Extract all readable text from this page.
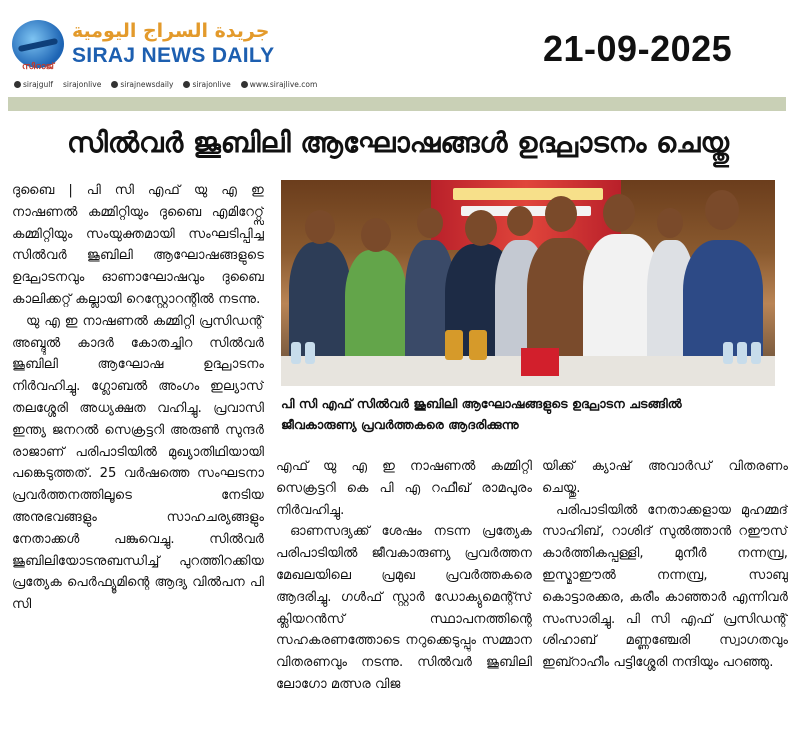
സിറാജ്
جريدة السراج اليومية
SIRAJ NEWS DAILY
sirajgulf sirajonlive	sirajnewsdaily	sirajonlive	www.sirajlive.com
21-09-2025
സിൽവർ ജൂബിലി ആഘോഷങ്ങൾ ഉദ്ഘാടനം ചെയ്തു

ദുബൈ | പി സി എഫ് യു എ ഇ നാഷണൽ കമ്മിറ്റിയും ദുബൈ എമിറേറ്റ്സ് കമ്മിറ്റിയും സംയുക്തമായി സംഘടിപ്പിച്ച സിൽവർ ജൂബിലി ആഘോഷങ്ങളുടെ ഉദ്ഘാടനവും ഓണാഘോഷവും ദുബൈ കാലിക്കറ്റ് കല്ലായി റെസ്റ്റോറന്റിൽ നടന്നു.

യു എ ഇ നാഷണൽ കമ്മിറ്റി പ്രസിഡന്റ് അബ്ദുൽ കാദർ കോതച്ചിറ സിൽവർ ജൂബിലി ആഘോഷ ഉദ്ഘാടനം നിർവഹിച്ചു. ഗ്ലോബൽ അംഗം ഇല്യാസ് തലശ്ശേരി അധ്യക്ഷത വഹിച്ചു. പ്രവാസി ഇന്ത്യ ജനറൽ സെക്രട്ടറി അരുൺ സുന്ദർ രാജാണ് പരിപാടിയിൽ മുഖ്യാതിഥിയായി പങ്കെടുത്തത്. 25 വർഷത്തെ സംഘടനാ പ്രവർത്തനത്തിലൂടെ നേടിയ അനുഭവങ്ങളും സാഹചര്യങ്ങളും നേതാക്കൾ പങ്കുവെച്ചു. സിൽവർ ജൂബിലിയോടനുബന്ധിച്ച് പുറത്തിറക്കിയ പ്രത്യേക പെർഫ്യൂമിന്റെ ആദ്യ വിൽപന പി സി

പി സി എഫ് സിൽവർ ജൂബിലി ആഘോഷങ്ങളുടെ ഉദ്ഘാടന ചടങ്ങിൽ
ജീവകാരുണ്യ പ്രവർത്തകരെ ആദരിക്കുന്നു

എഫ് യു എ ഇ നാഷണൽ കമ്മിറ്റി സെക്രട്ടറി കെ പി എ റഫീഖ് രാമപുരം നിർവഹിച്ചു.

ഓണസദ്യക്ക് ശേഷം നടന്ന പ്രത്യേക പരിപാടിയിൽ ജീവകാരുണ്യ പ്രവർത്തന മേഖലയിലെ പ്രമുഖ പ്രവർത്തകരെ ആദരിച്ചു. ഗൾഫ് സ്റ്റാർ ഡോക്യുമെന്റ്സ് ക്ലിയറൻസ് സ്ഥാപനത്തിന്റെ സഹകരണത്തോടെ നറുക്കെടുപ്പും സമ്മാന വിതരണവും നടന്നു. സിൽവർ ജൂബിലി ലോഗോ മത്സര വിജ

യിക്ക് ക്യാഷ് അവാർഡ് വിതരണം ചെയ്തു.

പരിപാടിയിൽ നേതാക്കളായ മുഹമ്മദ് സാഹിബ്, റാശിദ് സുൽത്താൻ റഈസ് കാർത്തികപ്പള്ളി, മുനീർ നന്നമ്പ്ര, ഇസ്മാഈൽ നന്നമ്പ്ര, സാബു കൊട്ടാരക്കര, കരീം കാഞ്ഞാർ എന്നിവർ സംസാരിച്ചു. പി സി എഫ് പ്രസിഡന്റ് ശിഹാബ് മണ്ണഞ്ചേരി സ്വാഗതവും ഇബ്റാഹീം പട്ടിശ്ശേരി നന്ദിയും പറഞ്ഞു.
